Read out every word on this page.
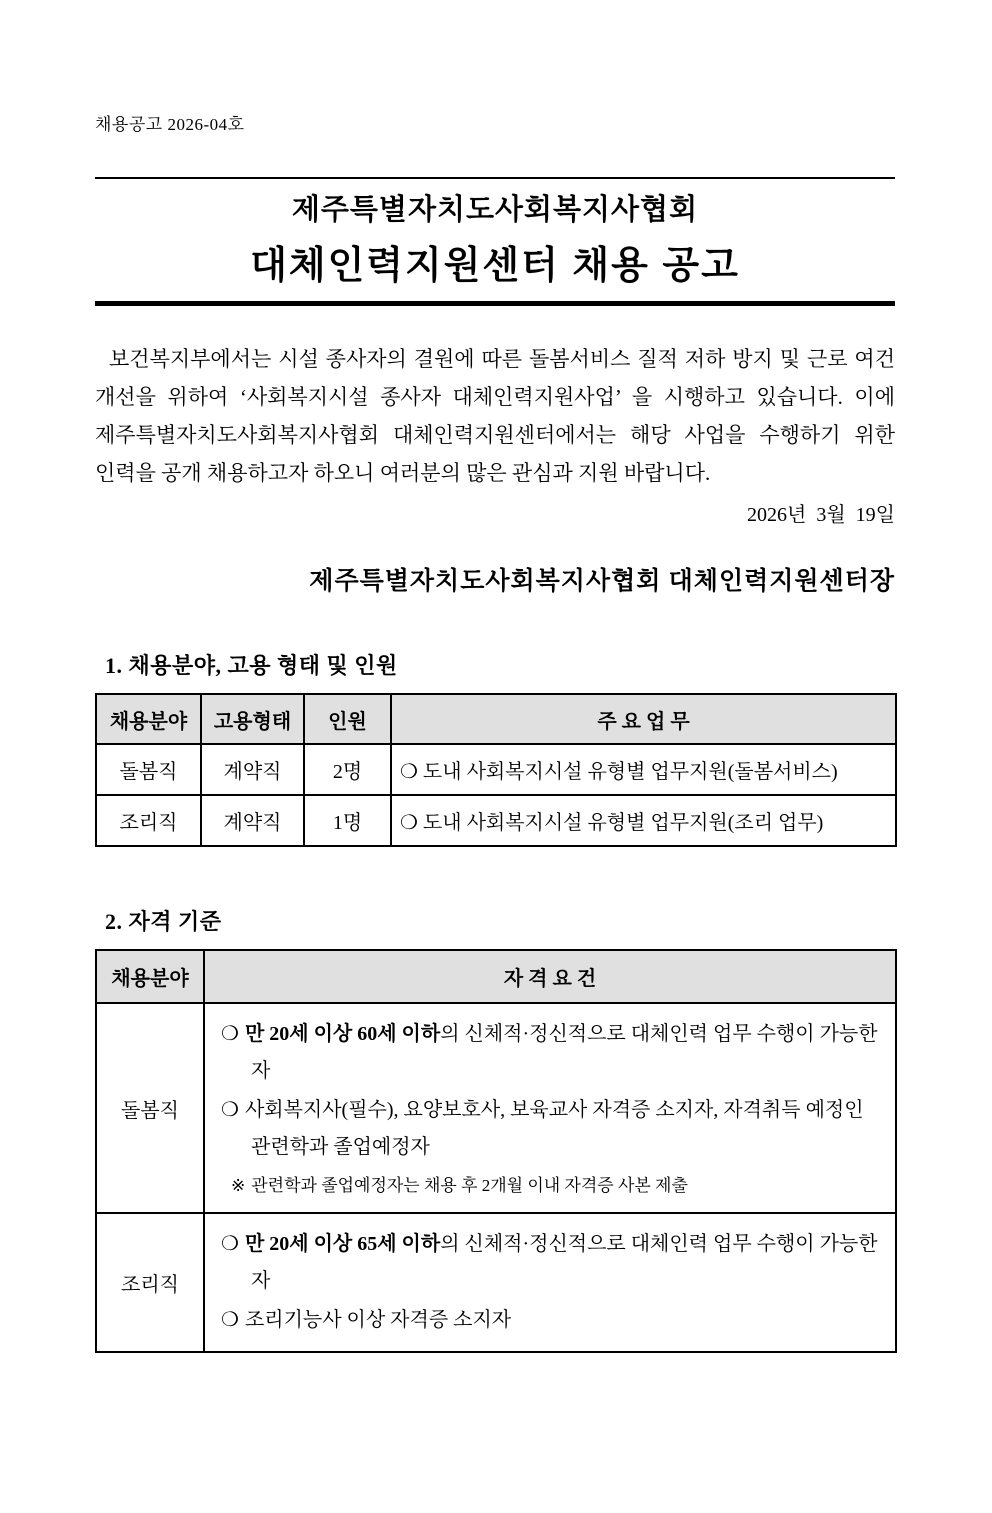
채용공고 2026-04호
제주특별자치도사회복지사협회
대체인력지원센터 채용 공고

보건복지부에서는 시설 종사자의 결원에 따른 돌봄서비스 질적 저하 방지 및 근로 여건 개선을 위하여 ‘사회복지시설 종사자 대체인력지원사업’ 을 시행하고 있습니다. 이에 제주특별자치도사회복지사협회 대체인력지원센터에서는 해당 사업을 수행하기 위한 인력을 공개 채용하고자 하오니 여러분의 많은 관심과 지원 바랍니다.

2026년  3월  19일
제주특별자치도사회복지사협회 대체인력지원센터장
1. 채용분야, 고용 형태 및 인원
채용분야	고용형태	인원	주 요 업 무
돌봄직	계약직	2명	❍ 도내 사회복지시설 유형별 업무지원(돌봄서비스)
조리직	계약직	1명	❍ 도내 사회복지시설 유형별 업무지원(조리 업무)
2. 자격 기준
채용분야	자 격 요 건
돌봄직	❍ 만 20세 이상 60세 이하의 신체적·정신적으로 대체인력 업무 수행이 가능한 자
❍ 사회복지사(필수), 요양보호사, 보육교사 자격증 소지자, 자격취득 예정인 관련학과 졸업예정자
※ 관련학과 졸업예정자는 채용 후 2개월 이내 자격증 사본 제출

조리직	❍ 만 20세 이상 65세 이하의 신체적·정신적으로 대체인력 업무 수행이 가능한 자
❍ 조리기능사 이상 자격증 소지자
